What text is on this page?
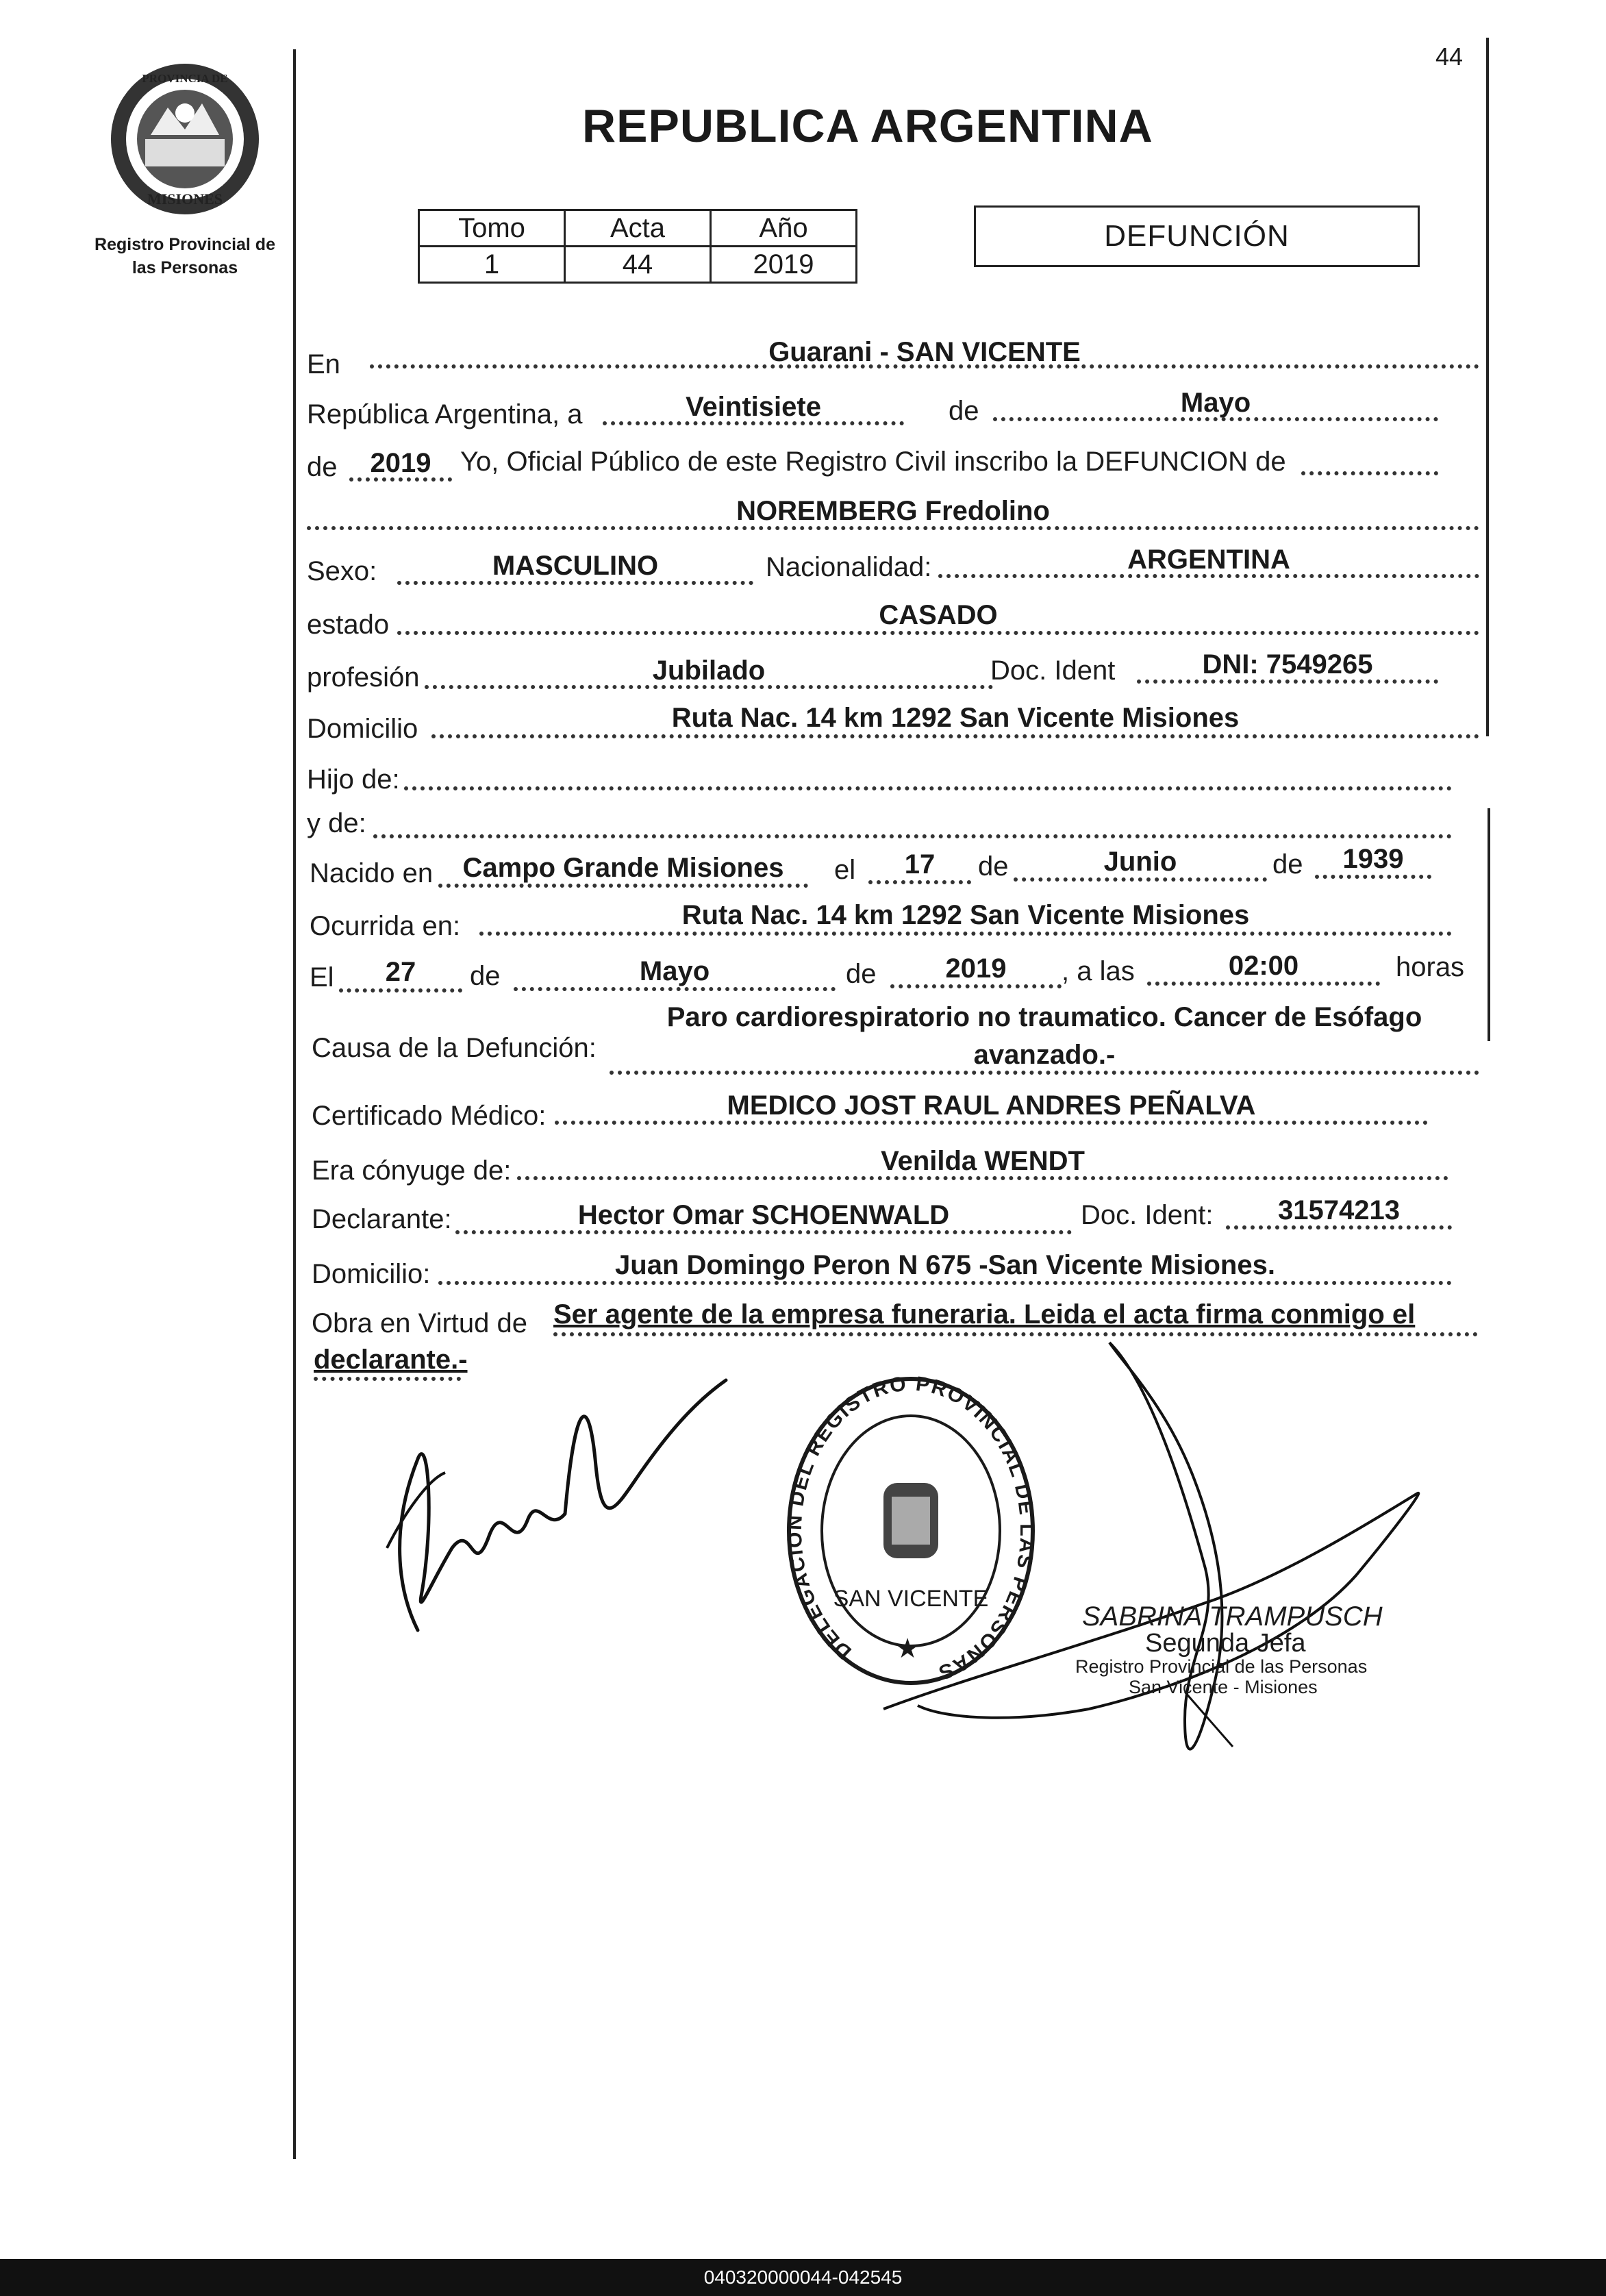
44
REPUBLICA ARGENTINA
PROVINCIA DE
MISIONES
Registro Provincial de
las Personas
Tomo	Acta	Año
1	44	2019
DEFUNCIÓN
En	Guarani - SAN VICENTE
República Argentina, a	Veintisiete	de	Mayo
de	2019	Yo, Oficial Público de este Registro Civil inscribo la DEFUNCION de
NOREMBERG Fredolino
Sexo:	MASCULINO	Nacionalidad:	ARGENTINA
estado	CASADO
profesión	Jubilado	Doc. Ident	DNI: 7549265
Domicilio	Ruta Nac. 14 km 1292 San Vicente Misiones
Hijo de:
y de:
Nacido en	Campo Grande Misiones	el	17	de	Junio	de	1939
Ocurrida en:	Ruta Nac. 14 km 1292 San Vicente Misiones
El	27	de	Mayo	de	2019	, a las	02:00	horas
Causa de la Defunción:
Paro cardiorespiratorio no traumatico. Cancer de Esófago
avanzado.-
Certificado Médico:	MEDICO JOST RAUL ANDRES PEÑALVA
Era cónyuge de:	Venilda WENDT
Declarante:	Hector Omar SCHOENWALD	Doc. Ident:	31574213
Domicilio:	Juan Domingo Peron N 675 -San Vicente Misiones.
Obra en Virtud de Ser agente de la empresa funeraria. Leida el acta firma conmigo el
declarante.-
DELEGACION DEL REGISTRO PROVINCIAL DE LAS PERSONAS
SAN VICENTE
★
SABRINA TRAMPUSCH
Segunda Jefa
Registro Provincial de las Personas
San Vicente - Misiones
040320000044-042545
